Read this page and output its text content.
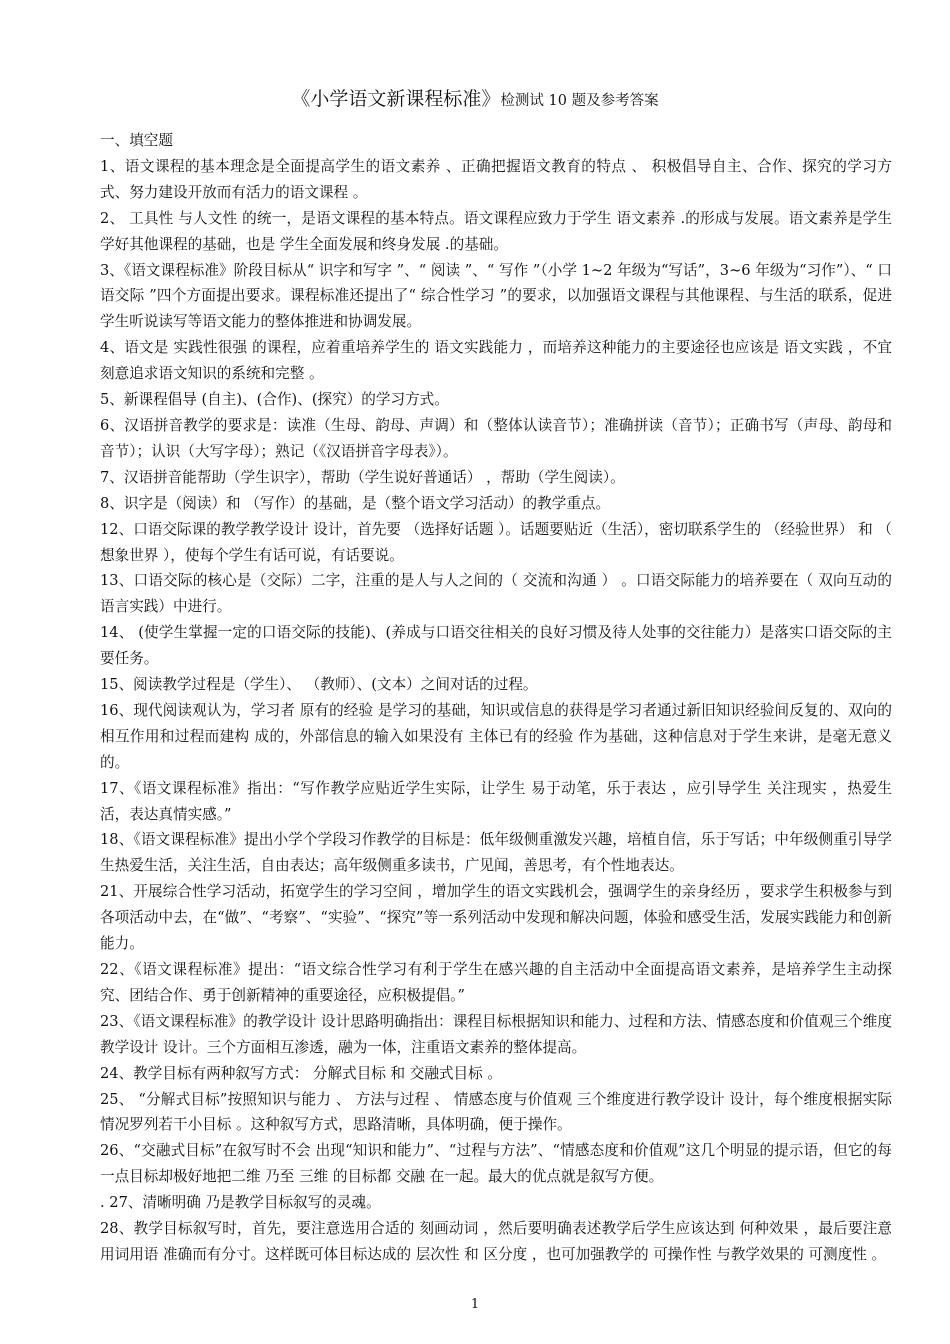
《小学语文新课程标准》检测试 10 题及参考答案

一、填空题

1、语文课程的基本理念是全面提高学生的语文素养 、正确把握语文教育的特点 、 积极倡导自主、合作、探究的学习方式、努力建设开放而有活力的语文课程 。

2、 工具性 与人文性 的统一，是语文课程的基本特点。语文课程应致力于学生 语文素养 .的形成与发展。语文素养是学生学好其他课程的基础，也是 学生全面发展和终身发展 .的基础。

3、《语文课程标准》阶段目标从“ 识字和写字 ”、“ 阅读 ”、“ 写作 ”（小学 1~2 年级为“写话”，3~6 年级为“习作”）、“ 口语交际 ”四个方面提出要求。课程标准还提出了“ 综合性学习 ”的要求，以加强语文课程与其他课程、与生活的联系，促进学生听说读写等语文能力的整体推进和协调发展。

4、语文是 实践性很强 的课程，应着重培养学生的 语文实践能力 ，而培养这种能力的主要途径也应该是 语文实践 ，不宜刻意追求语文知识的系统和完整 。

5、新课程倡导 (自主)、(合作)、(探究）的学习方式。

6、汉语拼音教学的要求是：读准（生母、韵母、声调）和（整体认读音节）；准确拼读（音节）；正确书写（声母、韵母和音节）；认识（大写字母）；熟记（《汉语拼音字母表》）。

7、汉语拼音能帮助（学生识字），帮助（学生说好普通话） ，帮助（学生阅读）。

8、识字是（阅读）和 （写作）的基础，是（整个语文学习活动）的教学重点。

12、口语交际课的教学教学设计 设计，首先要 （选择好话题 ）。话题要贴近（生活），密切联系学生的 （经验世界） 和 （ 想象世界 ），使每个学生有话可说，有话要说。

13、口语交际的核心是（交际）二字，注重的是人与人之间的（ 交流和沟通 ） 。口语交际能力的培养要在（ 双向互动的语言实践）中进行。

14、 (使学生掌握一定的口语交际的技能)、(养成与口语交往相关的良好习惯及待人处事的交往能力）是落实口语交际的主要任务。

15、阅读教学过程是（学生）、 （教师）、(文本）之间对话的过程。

16、现代阅读观认为，学习者 原有的经验 是学习的基础，知识或信息的获得是学习者通过新旧知识经验间反复的、双向的相互作用和过程而建构 成的，外部信息的输入如果没有 主体已有的经验 作为基础，这种信息对于学生来讲，是毫无意义的。

17、《语文课程标准》指出：“写作教学应贴近学生实际，让学生 易于动笔，乐于表达 ，应引导学生 关注现实 ，热爱生活，表达真情实感。”

18、《语文课程标准》提出小学个学段习作教学的目标是：低年级侧重激发兴趣，培植自信，乐于写话；中年级侧重引导学生热爱生活，关注生活，自由表达；高年级侧重多读书，广见闻，善思考，有个性地表达。

21、开展综合性学习活动，拓宽学生的学习空间 ，增加学生的语文实践机会，强调学生的亲身经历 ，要求学生积极参与到各项活动中去，在“做”、“考察”、“实验”、“探究”等一系列活动中发现和解决问题，体验和感受生活，发展实践能力和创新能力。

22、《语文课程标准》提出：“语文综合性学习有利于学生在感兴趣的自主活动中全面提高语文素养，是培养学生主动探究、团结合作、勇于创新精神的重要途径，应积极提倡。”

23、《语文课程标准》的教学设计 设计思路明确指出：课程目标根据知识和能力、过程和方法、情感态度和价值观三个维度教学设计 设计。三个方面相互渗透，融为一体，注重语文素养的整体提高。

24、教学目标有两种叙写方式： 分解式目标 和 交融式目标 。

25、 “分解式目标”按照知识与能力 、 方法与过程 、 情感态度与价值观 三个维度进行教学设计 设计，每个维度根据实际情况罗列若干小目标 。这种叙写方式，思路清晰，具体明确，便于操作。

26、“交融式目标”在叙写时不会 出现“知识和能力”、“过程与方法”、“情感态度和价值观”这几个明显的提示语，但它的每一点目标却极好地把二维 乃至 三维 的目标都 交融 在一起。最大的优点就是叙写方便。

. 27、清晰明确 乃是教学目标叙写的灵魂。

28、教学目标叙写时，首先，要注意选用合适的 刻画动词 ，然后要明确表述教学后学生应该达到 何种效果 ，最后要注意用词用语 准确而有分寸。这样既可体目标达成的 层次性 和 区分度 ，也可加强教学的 可操作性 与教学效果的 可测度性 。

1
